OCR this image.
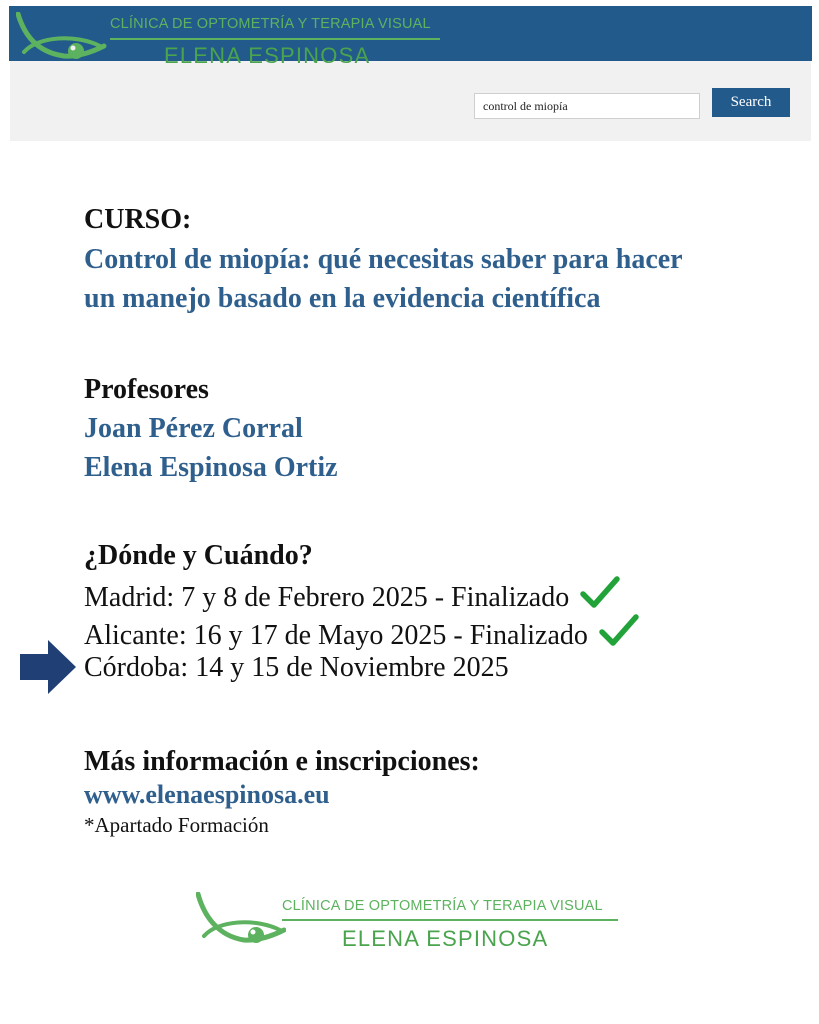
CLÍNICA DE OPTOMETRÍA Y TERAPIA VISUAL
ELENA ESPINOSA
control de miopía
Search
CURSO:
Control de miopía: qué necesitas saber para hacer
un manejo basado en la evidencia científica
Profesores
Joan Pérez Corral
Elena Espinosa Ortiz
¿Dónde y Cuándo?
Madrid: 7 y 8 de Febrero 2025 - Finalizado
Alicante: 16 y 17 de Mayo 2025 - Finalizado
Córdoba: 14 y 15 de Noviembre 2025
Más información e inscripciones:
www.elenaespinosa.eu
*Apartado Formación
CLÍNICA DE OPTOMETRÍA Y TERAPIA VISUAL
ELENA ESPINOSA
